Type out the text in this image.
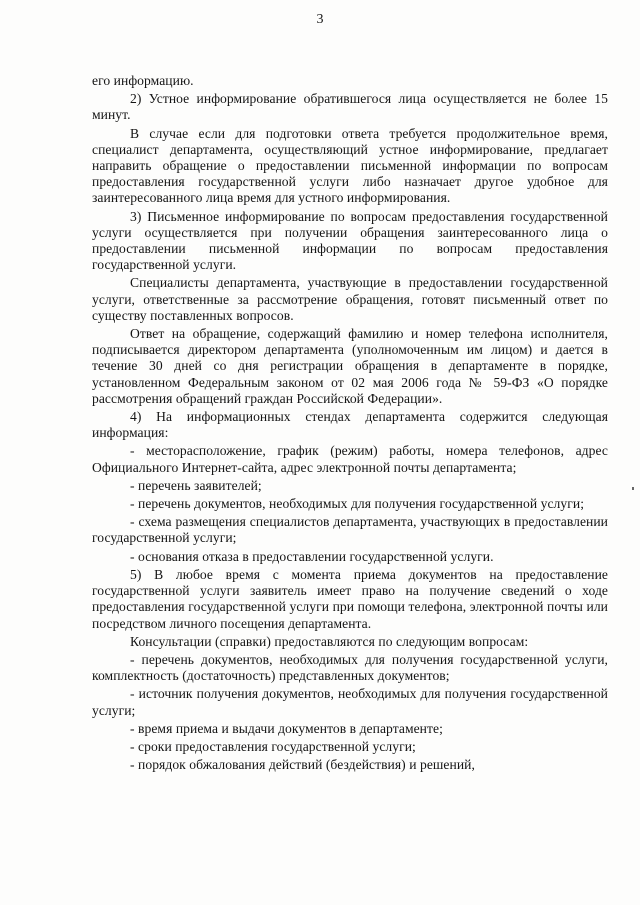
3

его информацию.

2) Устное информирование обратившегося лица осуществляется не более 15 минут.

В случае если для подготовки ответа требуется продолжительное время, специалист департамента, осуществляющий устное информирование, предлагает направить обращение о предоставлении письменной информации по вопросам предоставления государственной услуги либо назначает другое удобное для заинтересованного лица время для устного информирования.

3) Письменное информирование по вопросам предоставления государственной услуги осуществляется при получении обращения заинтересованного лица о предоставлении письменной информации по вопросам предоставления государственной услуги.

Специалисты департамента, участвующие в предоставлении государственной услуги, ответственные за рассмотрение обращения, готовят письменный ответ по существу поставленных вопросов.

Ответ на обращение, содержащий фамилию и номер телефона исполнителя, подписывается директором департамента (уполномоченным им лицом) и дается в течение 30 дней со дня регистрации обращения в департаменте в порядке, установленном Федеральным законом от 02 мая 2006 года № 59-ФЗ «О порядке рассмотрения обращений граждан Российской Федерации».

4) На информационных стендах департамента содержится следующая информация:

- месторасположение, график (режим) работы, номера телефонов, адрес Официального Интернет-сайта, адрес электронной почты департамента;

- перечень заявителей;

- перечень документов, необходимых для получения государственной услуги;

- схема размещения специалистов департамента, участвующих в предоставлении государственной услуги;

- основания отказа в предоставлении государственной услуги.

5) В любое время с момента приема документов на предоставление государственной услуги заявитель имеет право на получение сведений о ходе предоставления государственной услуги при помощи телефона, электронной почты или посредством личного посещения департамента.

Консультации (справки) предоставляются по следующим вопросам:

- перечень документов, необходимых для получения государственной услуги, комплектность (достаточность) представленных документов;

- источник получения документов, необходимых для получения государственной услуги;

- время приема и выдачи документов в департаменте;

- сроки предоставления государственной услуги;

- порядок обжалования действий (бездействия) и решений,
